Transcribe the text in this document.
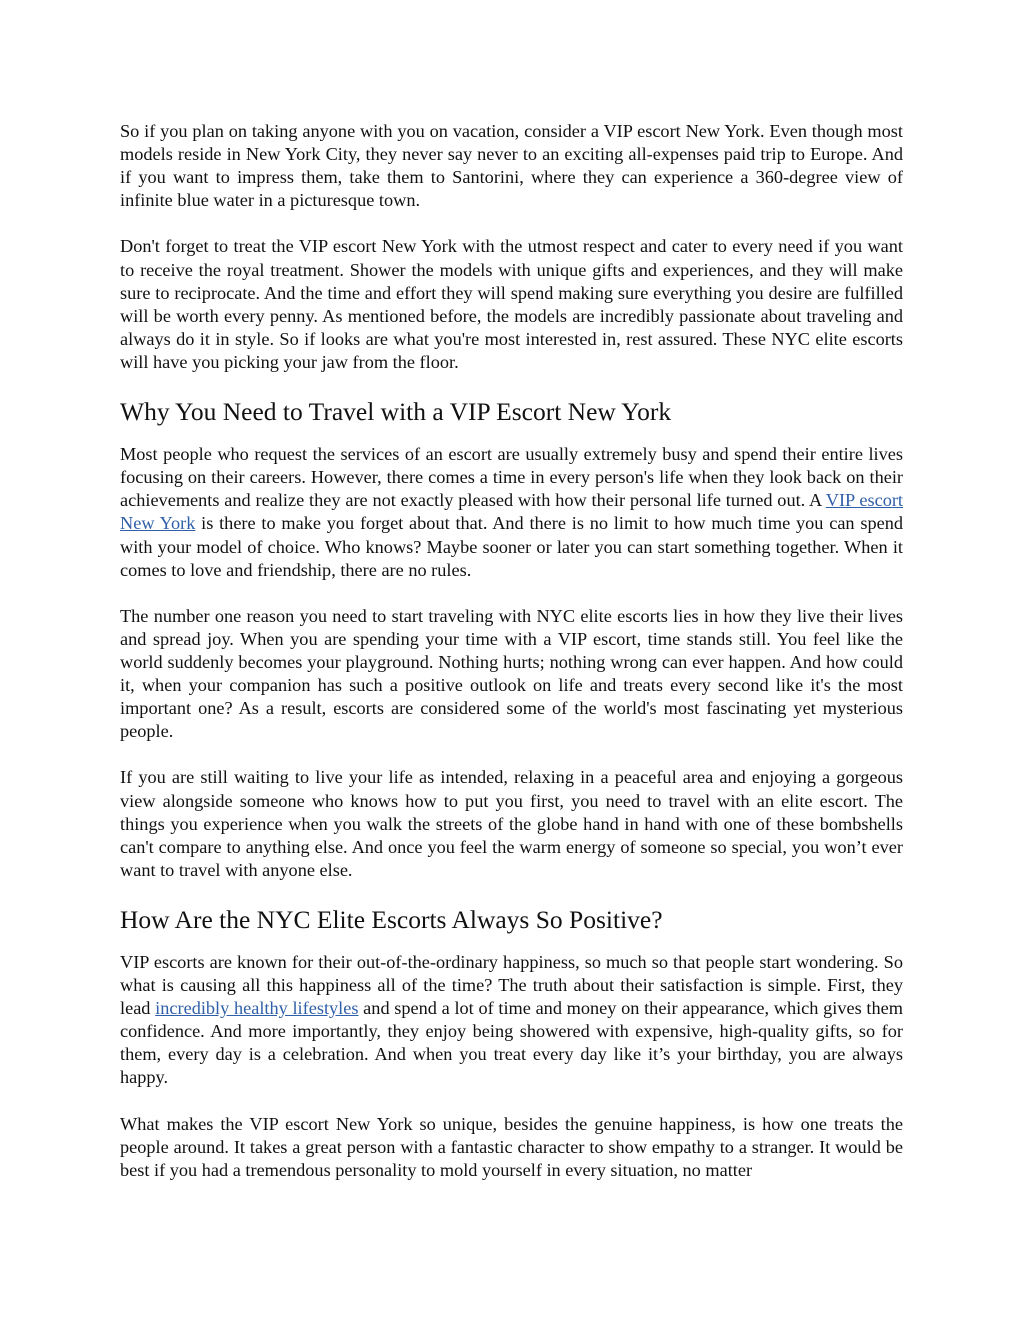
So if you plan on taking anyone with you on vacation, consider a VIP escort New York. Even though most models reside in New York City, they never say never to an exciting all-expenses paid trip to Europe. And if you want to impress them, take them to Santorini, where they can experience a 360-degree view of infinite blue water in a picturesque town.

Don't forget to treat the VIP escort New York with the utmost respect and cater to every need if you want to receive the royal treatment. Shower the models with unique gifts and experiences, and they will make sure to reciprocate. And the time and effort they will spend making sure everything you desire are fulfilled will be worth every penny. As mentioned before, the models are incredibly passionate about traveling and always do it in style. So if looks are what you're most interested in, rest assured. These NYC elite escorts will have you picking your jaw from the floor.

Why You Need to Travel with a VIP Escort New York

Most people who request the services of an escort are usually extremely busy and spend their entire lives focusing on their careers. However, there comes a time in every person's life when they look back on their achievements and realize they are not exactly pleased with how their personal life turned out. A VIP escort New York is there to make you forget about that. And there is no limit to how much time you can spend with your model of choice. Who knows? Maybe sooner or later you can start something together. When it comes to love and friendship, there are no rules.

The number one reason you need to start traveling with NYC elite escorts lies in how they live their lives and spread joy. When you are spending your time with a VIP escort, time stands still. You feel like the world suddenly becomes your playground. Nothing hurts; nothing wrong can ever happen. And how could it, when your companion has such a positive outlook on life and treats every second like it's the most important one? As a result, escorts are considered some of the world's most fascinating yet mysterious people.

If you are still waiting to live your life as intended, relaxing in a peaceful area and enjoying a gorgeous view alongside someone who knows how to put you first, you need to travel with an elite escort. The things you experience when you walk the streets of the globe hand in hand with one of these bombshells can't compare to anything else. And once you feel the warm energy of someone so special, you won’t ever want to travel with anyone else.

How Are the NYC Elite Escorts Always So Positive?

VIP escorts are known for their out-of-the-ordinary happiness, so much so that people start wondering. So what is causing all this happiness all of the time? The truth about their satisfaction is simple. First, they lead incredibly healthy lifestyles and spend a lot of time and money on their appearance, which gives them confidence. And more importantly, they enjoy being showered with expensive, high-quality gifts, so for them, every day is a celebration. And when you treat every day like it’s your birthday, you are always happy.

What makes the VIP escort New York so unique, besides the genuine happiness, is how one treats the people around. It takes a great person with a fantastic character to show empathy to a stranger. It would be best if you had a tremendous personality to mold yourself in every situation, no matter
